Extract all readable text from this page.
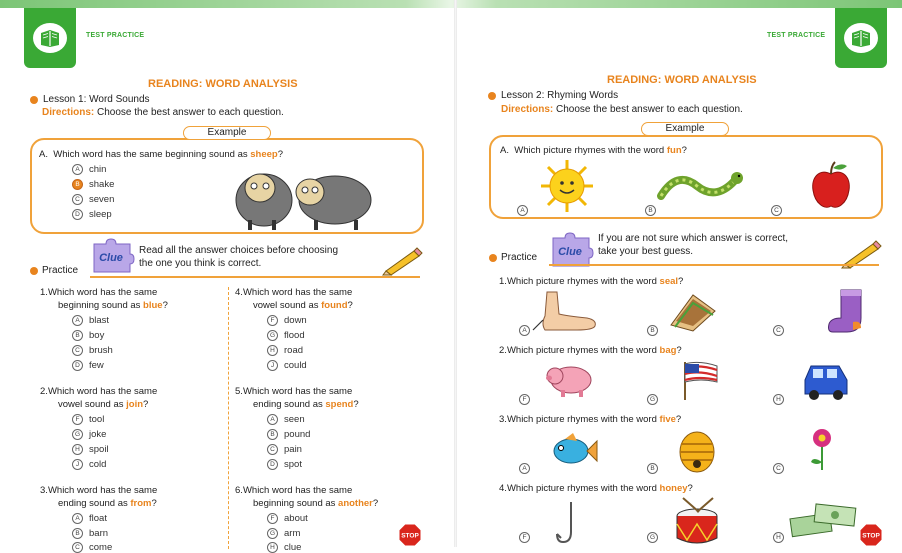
TEST PRACTICE
READING: WORD ANALYSIS
Lesson 1: Word Sounds
Directions: Choose the best answer to each question.
Example
A. Which word has the same beginning sound as sheep?
A chin
B shake
C seven
D sleep
Clue
Read all the answer choices before choosing
the one you think is correct.
Practice
1.Which word has the same
beginning sound as blue?
A blast
B boy
C brush
D few
2.Which word has the same
vowel sound as join?
F	tool
G joke
H spoil
J	cold
3.Which word has the same
ending sound as from?
A float
B barn
C come
4.Which word has the same
vowel sound as found?
F	down
G flood
H road
J	could
5.Which word has the same
ending sound as spend?
A seen
B pound
C pain
D spot
6.Which word has the same
beginning sound as another?
F	about
G arm
H clue
STOP
TEST PRACTICE
READING: WORD ANALYSIS
Lesson 2: Rhyming Words
Directions: Choose the best answer to each question.
Example
A. Which picture rhymes with the word fun?
A	B	C
Clue
If you are not sure which answer is correct,
take your best guess.
Practice
1.Which picture rhymes with the word seal?
A	B	C
2.Which picture rhymes with the word bag?
F	G	H
3.Which picture rhymes with the word five?
A	B	C
4.Which picture rhymes with the word honey?
F	G	H	STOP
